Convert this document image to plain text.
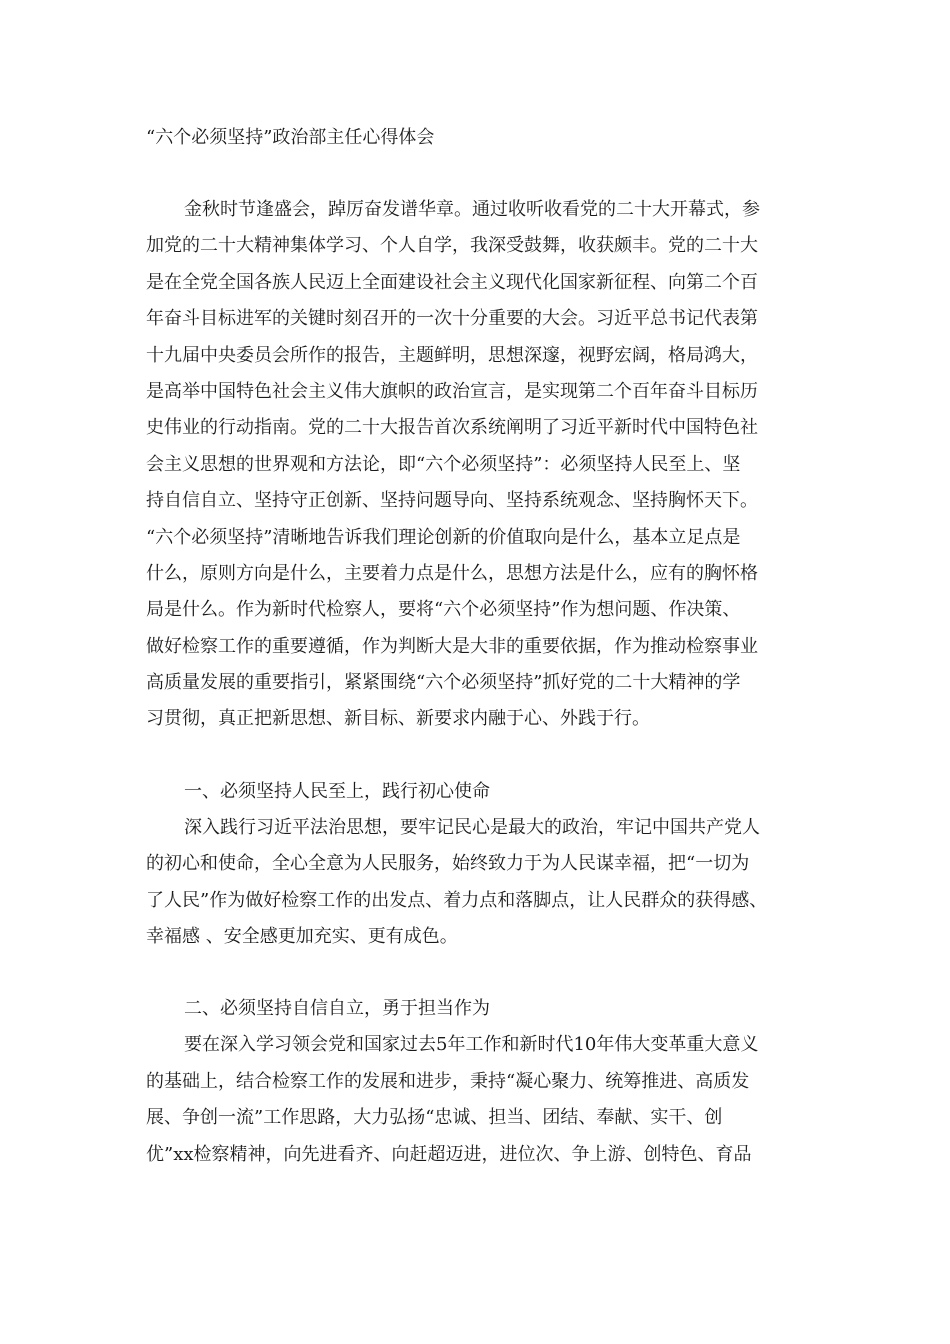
“六个必须坚持”政治部主任心得体会
金秋时节逢盛会，踔厉奋发谱华章。通过收听收看党的二十大开幕式，参
加党的二十大精神集体学习、个人自学，我深受鼓舞，收获颇丰。党的二十大
是在全党全国各族人民迈上全面建设社会主义现代化国家新征程、向第二个百
年奋斗目标进军的关键时刻召开的一次十分重要的大会。习近平总书记代表第
十九届中央委员会所作的报告，主题鲜明，思想深邃，视野宏阔，格局鸿大，
是高举中国特色社会主义伟大旗帜的政治宣言，是实现第二个百年奋斗目标历
史伟业的行动指南。党的二十大报告首次系统阐明了习近平新时代中国特色社
会主义思想的世界观和方法论，即“六个必须坚持”：必须坚持人民至上、坚
持自信自立、坚持守正创新、坚持问题导向、坚持系统观念、坚持胸怀天下。
“六个必须坚持”清晰地告诉我们理论创新的价值取向是什么，基本立足点是
什么，原则方向是什么，主要着力点是什么，思想方法是什么，应有的胸怀格
局是什么。作为新时代检察人，要将“六个必须坚持”作为想问题、作决策、
做好检察工作的重要遵循，作为判断大是大非的重要依据，作为推动检察事业
高质量发展的重要指引，紧紧围绕“六个必须坚持”抓好党的二十大精神的学
习贯彻，真正把新思想、新目标、新要求内融于心、外践于行。
一、必须坚持人民至上，践行初心使命
深入践行习近平法治思想，要牢记民心是最大的政治，牢记中国共产党人
的初心和使命，全心全意为人民服务，始终致力于为人民谋幸福，把“一切为
了人民”作为做好检察工作的出发点、着力点和落脚点，让人民群众的获得感、
幸福感 、安全感更加充实、更有成色。
二、必须坚持自信自立，勇于担当作为
要在深入学习领会党和国家过去5年工作和新时代10年伟大变革重大意义
的基础上，结合检察工作的发展和进步，秉持“凝心聚力、统筹推进、高质发
展、争创一流”工作思路，大力弘扬“忠诚、担当、团结、奉献、实干、创
优”xx检察精神，向先进看齐、向赶超迈进，进位次、争上游、创特色、育品
